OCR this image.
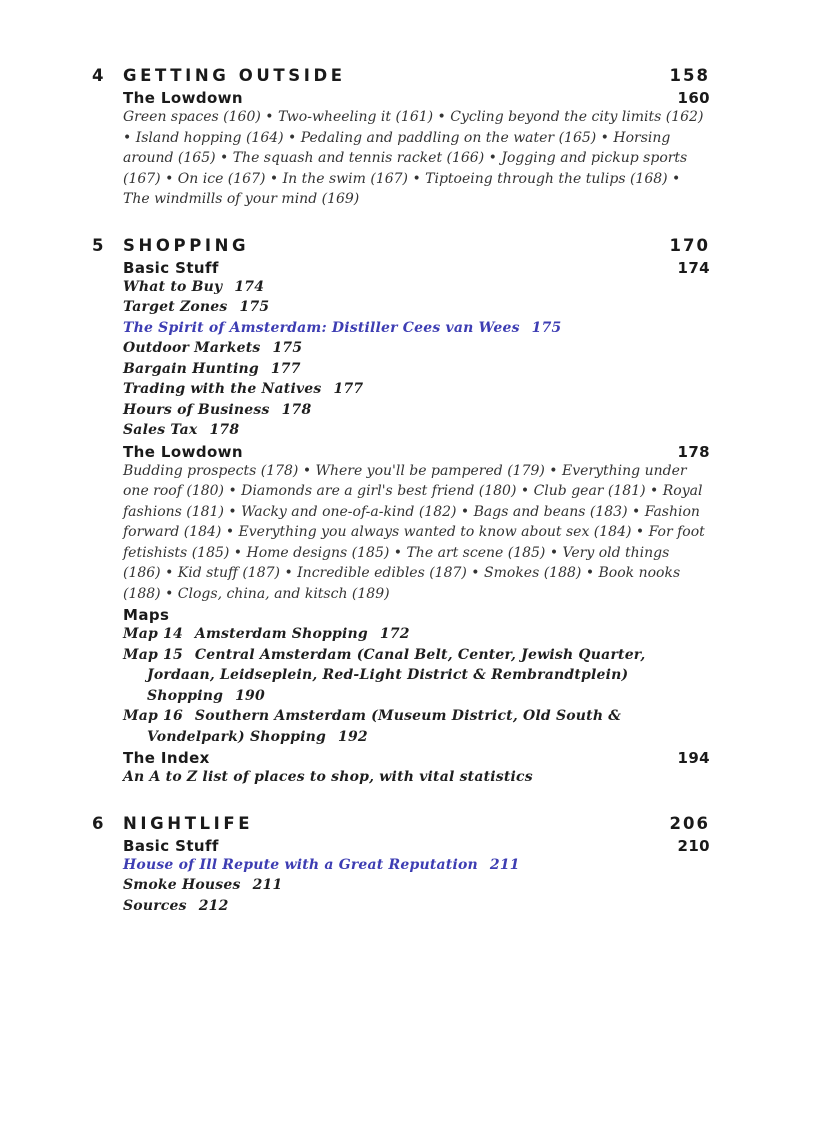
4 GETTING OUTSIDE	158
The Lowdown	160
Green spaces (160) • Two-wheeling it (161) • Cycling beyond the city limits (162) • Island hopping (164) • Pedaling and paddling on the water (165) • Horsing around (165) • The squash and tennis racket (166) • Jogging and pickup sports (167) • On ice (167) • In the swim (167) • Tiptoeing through the tulips (168) • The windmills of your mind (169)
5 SHOPPING	170
Basic Stuff	174
What to Buy 174
Target Zones 175
The Spirit of Amsterdam: Distiller Cees van Wees 175
Outdoor Markets 175
Bargain Hunting 177
Trading with the Natives 177
Hours of Business 178
Sales Tax 178
The Lowdown	178
Budding prospects (178) • Where you'll be pampered (179) • Everything under one roof (180) • Diamonds are a girl's best friend (180) • Club gear (181) • Royal fashions (181) • Wacky and one-of-a-kind (182) • Bags and beans (183) • Fashion forward (184) • Everything you always wanted to know about sex (184) • For foot fetishists (185) • Home designs (185) • The art scene (185) • Very old things (186) • Kid stuff (187) • Incredible edibles (187) • Smokes (188) • Book nooks (188) • Clogs, china, and kitsch (189)
Maps
Map 14 Amsterdam Shopping 172
Map 15 Central Amsterdam (Canal Belt, Center, Jewish Quarter, Jordaan, Leidseplein, Red-Light District & Rembrandtplein) Shopping 190
Map 16 Southern Amsterdam (Museum District, Old South & Vondelpark) Shopping 192
The Index	194
An A to Z list of places to shop, with vital statistics
6 NIGHTLIFE	206
Basic Stuff	210
House of Ill Repute with a Great Reputation 211
Smoke Houses 211
Sources 212
